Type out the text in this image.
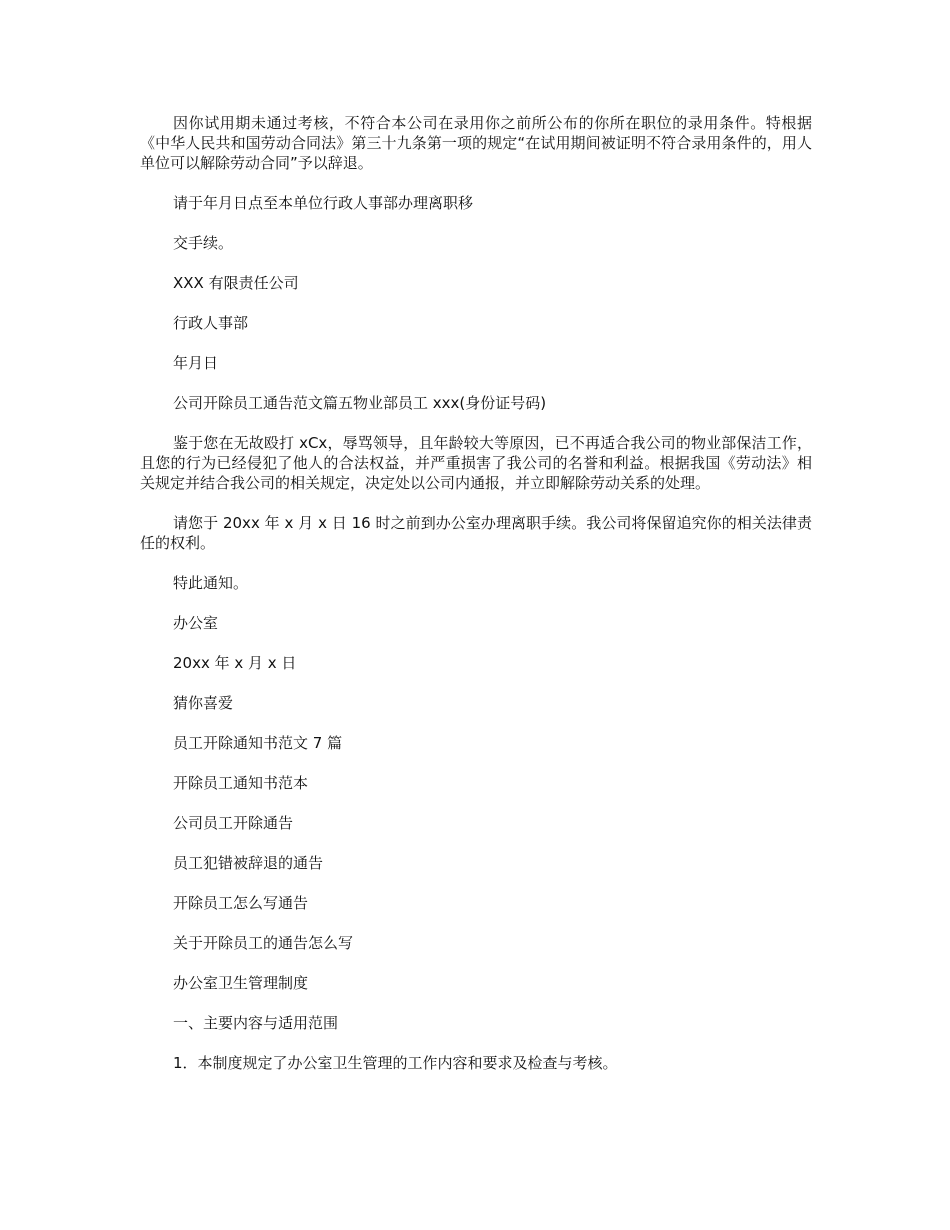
因你试用期未通过考核，不符合本公司在录用你之前所公布的你所在职位的录用条件。特根据《中华人民共和国劳动合同法》第三十九条第一项的规定“在试用期间被证明不符合录用条件的，用人单位可以解除劳动合同”予以辞退。

请于年月日点至本单位行政人事部办理离职移

交手续。

XXX 有限责任公司

行政人事部

年月日

公司开除员工通告范文篇五物业部员工 xxx(身份证号码)

鉴于您在无故殴打 xCx，辱骂领导，且年龄较大等原因，已不再适合我公司的物业部保洁工作，且您的行为已经侵犯了他人的合法权益，并严重损害了我公司的名誉和利益。根据我国《劳动法》相关规定并结合我公司的相关规定，决定处以公司内通报，并立即解除劳动关系的处理。

请您于 20xx 年 x 月 x 日 16 时之前到办公室办理离职手续。我公司将保留追究你的相关法律责任的权利。

特此通知。

办公室

20xx 年 x 月 x 日

猜你喜爱

员工开除通知书范文 7 篇

开除员工通知书范本

公司员工开除通告

员工犯错被辞退的通告

开除员工怎么写通告

关于开除员工的通告怎么写

办公室卫生管理制度

一、主要内容与适用范围

1．本制度规定了办公室卫生管理的工作内容和要求及检查与考核。
